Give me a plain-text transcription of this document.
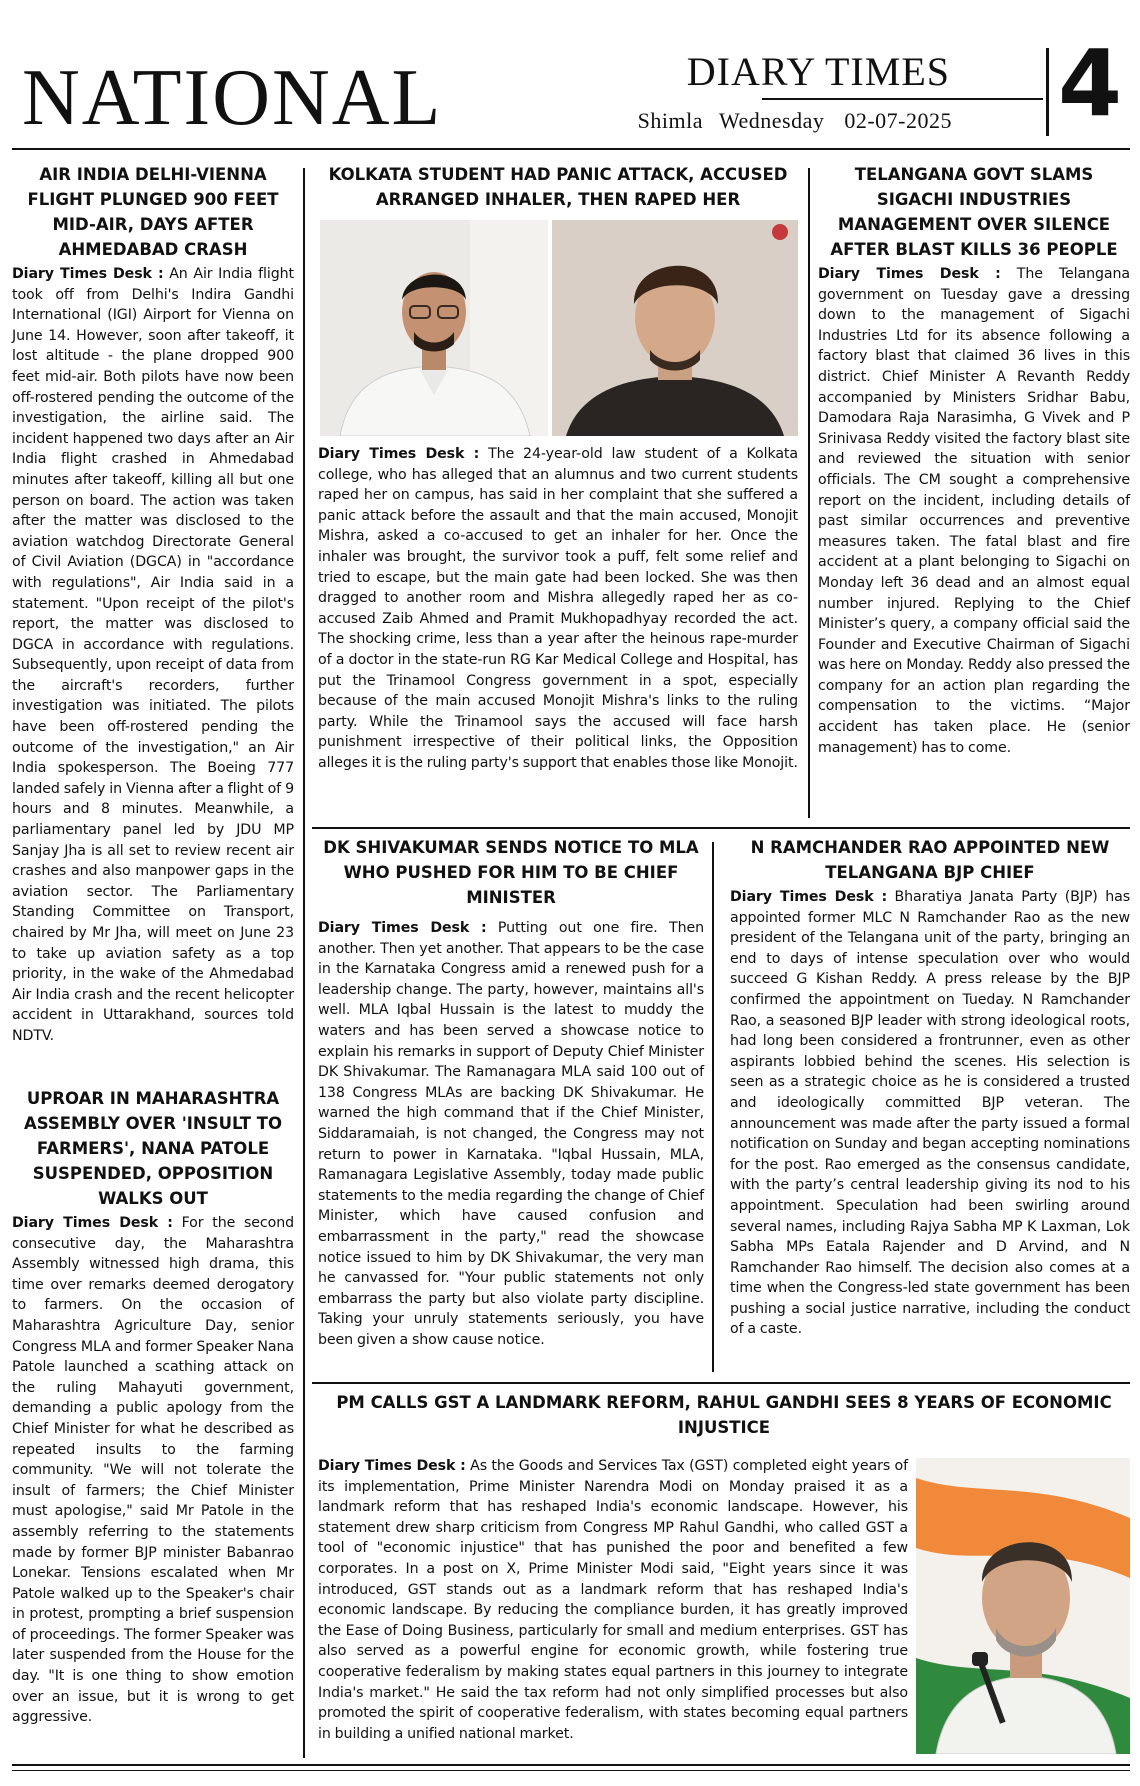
NATIONAL	DIARY TIMES
Shimla Wednesday 02-07-2025 4
AIR INDIA DELHI-VIENNA FLIGHT PLUNGED 900 FEET MID-AIR, DAYS AFTER AHMEDABAD CRASH

Diary Times Desk : An Air India flight took off from Delhi's Indira Gandhi International (IGI) Airport for Vienna on June 14. However, soon after takeoff, it lost altitude - the plane dropped 900 feet mid-air. Both pilots have now been off-rostered pending the outcome of the investigation, the airline said. The incident happened two days after an Air India flight crashed in Ahmedabad minutes after takeoff, killing all but one person on board. The action was taken after the matter was disclosed to the aviation watchdog Directorate General of Civil Aviation (DGCA) in "accordance with regulations", Air India said in a statement. "Upon receipt of the pilot's report, the matter was disclosed to DGCA in accordance with regulations. Subsequently, upon receipt of data from the aircraft's recorders, further investigation was initiated. The pilots have been off-rostered pending the outcome of the investigation," an Air India spokesperson. The Boeing 777 landed safely in Vienna after a flight of 9 hours and 8 minutes. Meanwhile, a parliamentary panel led by JDU MP Sanjay Jha is all set to review recent air crashes and also manpower gaps in the aviation sector. The Parliamentary Standing Committee on Transport, chaired by Mr Jha, will meet on June 23 to take up aviation safety as a top priority, in the wake of the Ahmedabad Air India crash and the recent helicopter accident in Uttarakhand, sources told NDTV.

UPROAR IN MAHARASHTRA ASSEMBLY OVER 'INSULT TO FARMERS', NANA PATOLE SUSPENDED, OPPOSITION WALKS OUT

Diary Times Desk : For the second consecutive day, the Maharashtra Assembly witnessed high drama, this time over remarks deemed derogatory to farmers. On the occasion of Maharashtra Agriculture Day, senior Congress MLA and former Speaker Nana Patole launched a scathing attack on the ruling Mahayuti government, demanding a public apology from the Chief Minister for what he described as repeated insults to the farming community. "We will not tolerate the insult of farmers; the Chief Minister must apologise," said Mr Patole in the assembly referring to the statements made by former BJP minister Babanrao Lonekar. Tensions escalated when Mr Patole walked up to the Speaker's chair in protest, prompting a brief suspension of proceedings. The former Speaker was later suspended from the House for the day. "It is one thing to show emotion over an issue, but it is wrong to get aggressive.

KOLKATA STUDENT HAD PANIC ATTACK, ACCUSED ARRANGED INHALER, THEN RAPED HER

Diary Times Desk : The 24-year-old law student of a Kolkata college, who has alleged that an alumnus and two current students raped her on campus, has said in her complaint that she suffered a panic attack before the assault and that the main accused, Monojit Mishra, asked a co-accused to get an inhaler for her. Once the inhaler was brought, the survivor took a puff, felt some relief and tried to escape, but the main gate had been locked. She was then dragged to another room and Mishra allegedly raped her as co-accused Zaib Ahmed and Pramit Mukhopadhyay recorded the act. The shocking crime, less than a year after the heinous rape-murder of a doctor in the state-run RG Kar Medical College and Hospital, has put the Trinamool Congress government in a spot, especially because of the main accused Monojit Mishra's links to the ruling party. While the Trinamool says the accused will face harsh punishment irrespective of their political links, the Opposition alleges it is the ruling party's support that enables those like Monojit.

TELANGANA GOVT SLAMS SIGACHI INDUSTRIES MANAGEMENT OVER SILENCE AFTER BLAST KILLS 36 PEOPLE

Diary Times Desk : The Telangana government on Tuesday gave a dressing down to the management of Sigachi Industries Ltd for its absence following a factory blast that claimed 36 lives in this district. Chief Minister A Revanth Reddy accompanied by Ministers Sridhar Babu, Damodara Raja Narasimha, G Vivek and P Srinivasa Reddy visited the factory blast site and reviewed the situation with senior officials. The CM sought a comprehensive report on the incident, including details of past similar occurrences and preventive measures taken. The fatal blast and fire accident at a plant belonging to Sigachi on Monday left 36 dead and an almost equal number injured. Replying to the Chief Minister’s query, a company official said the Founder and Executive Chairman of Sigachi was here on Monday. Reddy also pressed the company for an action plan regarding the compensation to the victims. “Major accident has taken place. He (senior management) has to come.

DK SHIVAKUMAR SENDS NOTICE TO MLA WHO PUSHED FOR HIM TO BE CHIEF MINISTER

Diary Times Desk : Putting out one fire. Then another. Then yet another. That appears to be the case in the Karnataka Congress amid a renewed push for a leadership change. The party, however, maintains all's well. MLA Iqbal Hussain is the latest to muddy the waters and has been served a showcase notice to explain his remarks in support of Deputy Chief Minister DK Shivakumar. The Ramanagara MLA said 100 out of 138 Congress MLAs are backing DK Shivakumar. He warned the high command that if the Chief Minister, Siddaramaiah, is not changed, the Congress may not return to power in Karnataka. "Iqbal Hussain, MLA, Ramanagara Legislative Assembly, today made public statements to the media regarding the change of Chief Minister, which have caused confusion and embarrassment in the party," read the showcase notice issued to him by DK Shivakumar, the very man he canvassed for. "Your public statements not only embarrass the party but also violate party discipline. Taking your unruly statements seriously, you have been given a show cause notice.

N RAMCHANDER RAO APPOINTED NEW TELANGANA BJP CHIEF

Diary Times Desk : Bharatiya Janata Party (BJP) has appointed former MLC N Ramchander Rao as the new president of the Telangana unit of the party, bringing an end to days of intense speculation over who would succeed G Kishan Reddy. A press release by the BJP confirmed the appointment on Tueday. N Ramchander Rao, a seasoned BJP leader with strong ideological roots, had long been considered a frontrunner, even as other aspirants lobbied behind the scenes. His selection is seen as a strategic choice as he is considered a trusted and ideologically committed BJP veteran. The announcement was made after the party issued a formal notification on Sunday and began accepting nominations for the post. Rao emerged as the consensus candidate, with the party’s central leadership giving its nod to his appointment. Speculation had been swirling around several names, including Rajya Sabha MP K Laxman, Lok Sabha MPs Eatala Rajender and D Arvind, and N Ramchander Rao himself. The decision also comes at a time when the Congress-led state government has been pushing a social justice narrative, including the conduct of a caste.

PM CALLS GST A LANDMARK REFORM, RAHUL GANDHI SEES 8 YEARS OF ECONOMIC INJUSTICE

Diary Times Desk : As the Goods and Services Tax (GST) completed eight years of its implementation, Prime Minister Narendra Modi on Monday praised it as a landmark reform that has reshaped India's economic landscape. However, his statement drew sharp criticism from Congress MP Rahul Gandhi, who called GST a tool of "economic injustice" that has punished the poor and benefited a few corporates. In a post on X, Prime Minister Modi said, "Eight years since it was introduced, GST stands out as a landmark reform that has reshaped India's economic landscape. By reducing the compliance burden, it has greatly improved the Ease of Doing Business, particularly for small and medium enterprises. GST has also served as a powerful engine for economic growth, while fostering true cooperative federalism by making states equal partners in this journey to integrate India's market." He said the tax reform had not only simplified processes but also promoted the spirit of cooperative federalism, with states becoming equal partners in building a unified national market.
